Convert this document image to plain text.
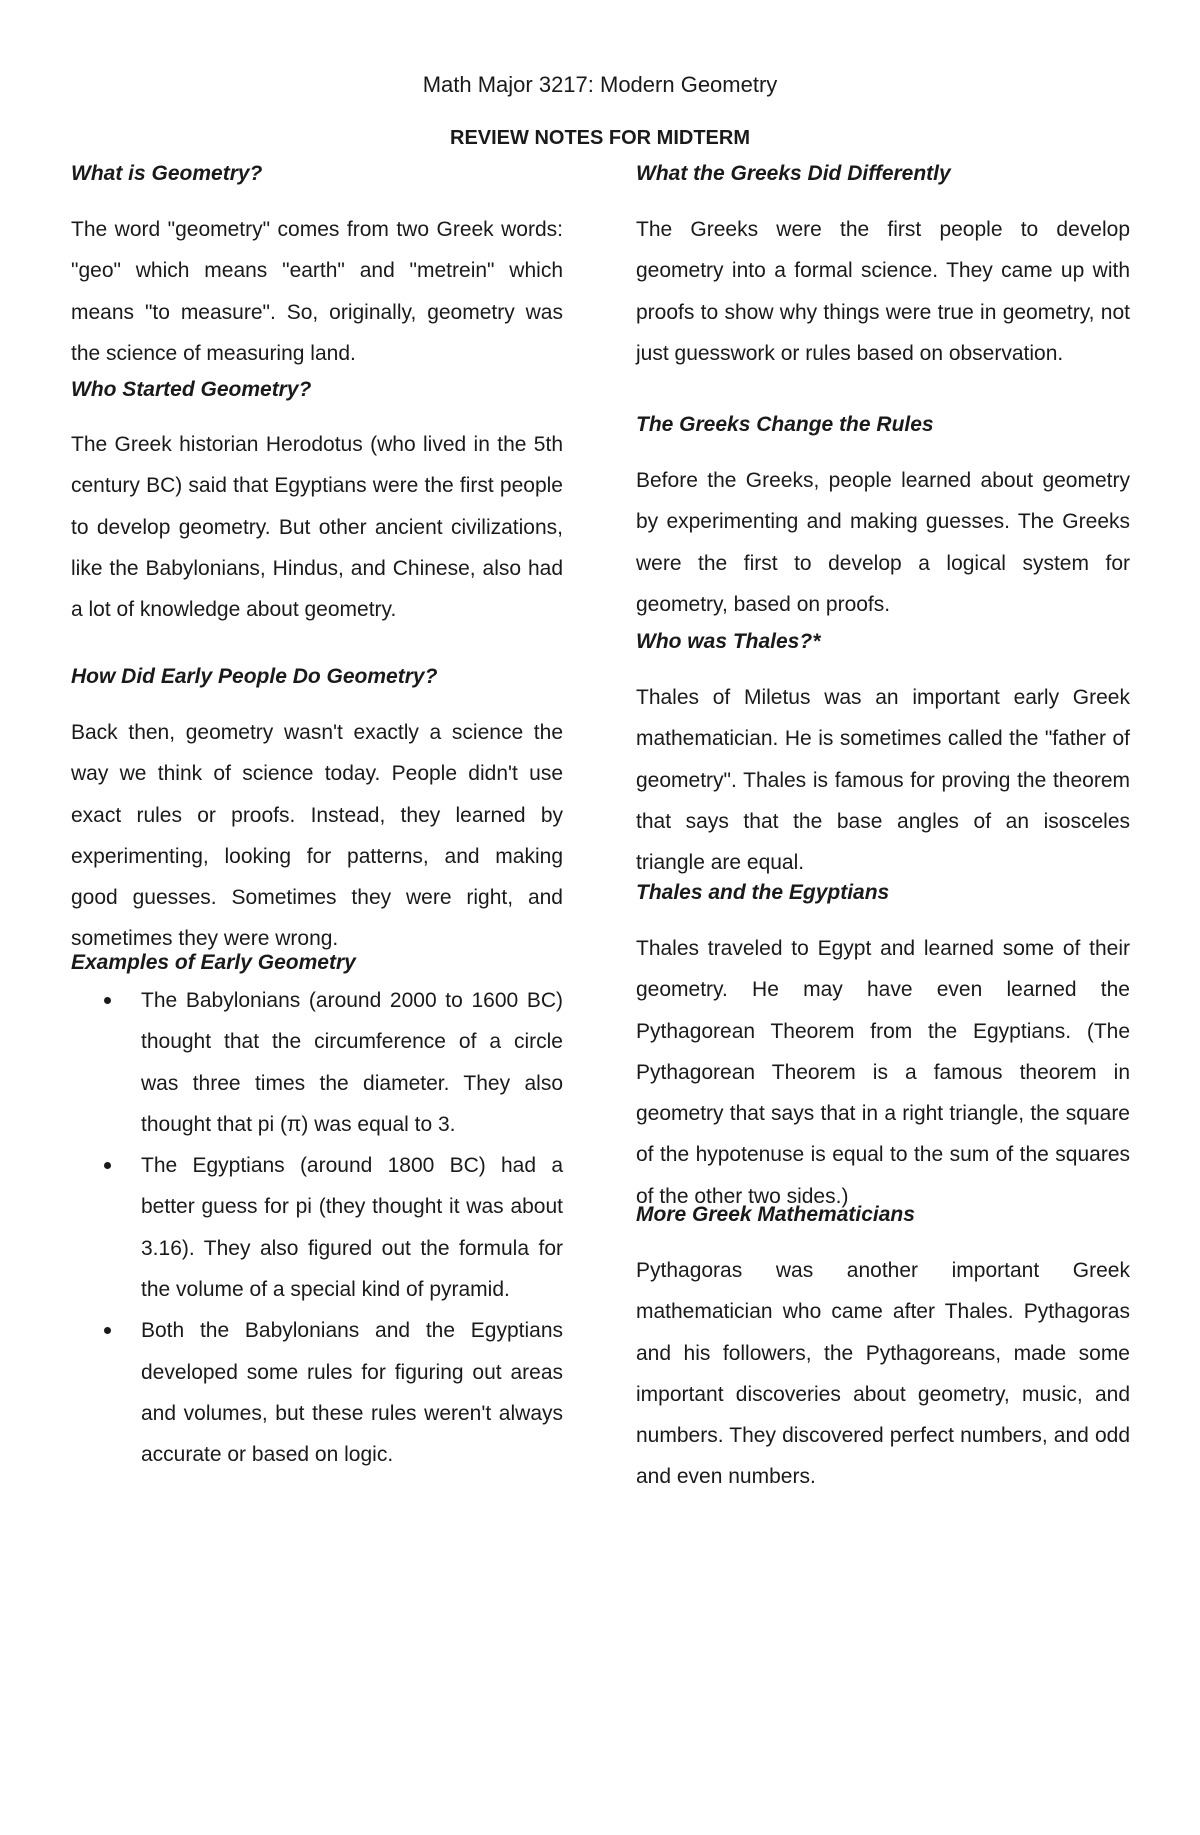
Math Major 3217: Modern Geometry
REVIEW NOTES FOR MIDTERM
What is Geometry?

The word "geometry" comes from two Greek words: "geo" which means "earth" and "metrein" which means "to measure". So, originally, geometry was the science of measuring land.

Who Started Geometry?

The Greek historian Herodotus (who lived in the 5th century BC) said that Egyptians were the first people to develop geometry. But other ancient civilizations, like the Babylonians, Hindus, and Chinese, also had a lot of knowledge about geometry.

How Did Early People Do Geometry?

Back then, geometry wasn't exactly a science the way we think of science today. People didn't use exact rules or proofs. Instead, they learned by experimenting, looking for patterns, and making good guesses. Sometimes they were right, and sometimes they were wrong.

Examples of Early Geometry
The Babylonians (around 2000 to 1600 BC) thought that the circumference of a circle was three times the diameter. They also thought that pi (π) was equal to 3.
The Egyptians (around 1800 BC) had a better guess for pi (they thought it was about 3.16). They also figured out the formula for the volume of a special kind of pyramid.
Both the Babylonians and the Egyptians developed some rules for figuring out areas and volumes, but these rules weren't always accurate or based on logic.
What the Greeks Did Differently

The Greeks were the first people to develop geometry into a formal science. They came up with proofs to show why things were true in geometry, not just guesswork or rules based on observation.

The Greeks Change the Rules

Before the Greeks, people learned about geometry by experimenting and making guesses. The Greeks were the first to develop a logical system for geometry, based on proofs.

Who was Thales?*

Thales of Miletus was an important early Greek mathematician. He is sometimes called the "father of geometry". Thales is famous for proving the theorem that says that the base angles of an isosceles triangle are equal.

Thales and the Egyptians

Thales traveled to Egypt and learned some of their geometry. He may have even learned the Pythagorean Theorem from the Egyptians. (The Pythagorean Theorem is a famous theorem in geometry that says that in a right triangle, the square of the hypotenuse is equal to the sum of the squares of the other two sides.)

More Greek Mathematicians

Pythagoras was another important Greek mathematician who came after Thales. Pythagoras and his followers, the Pythagoreans, made some important discoveries about geometry, music, and numbers. They discovered perfect numbers, and odd and even numbers.
